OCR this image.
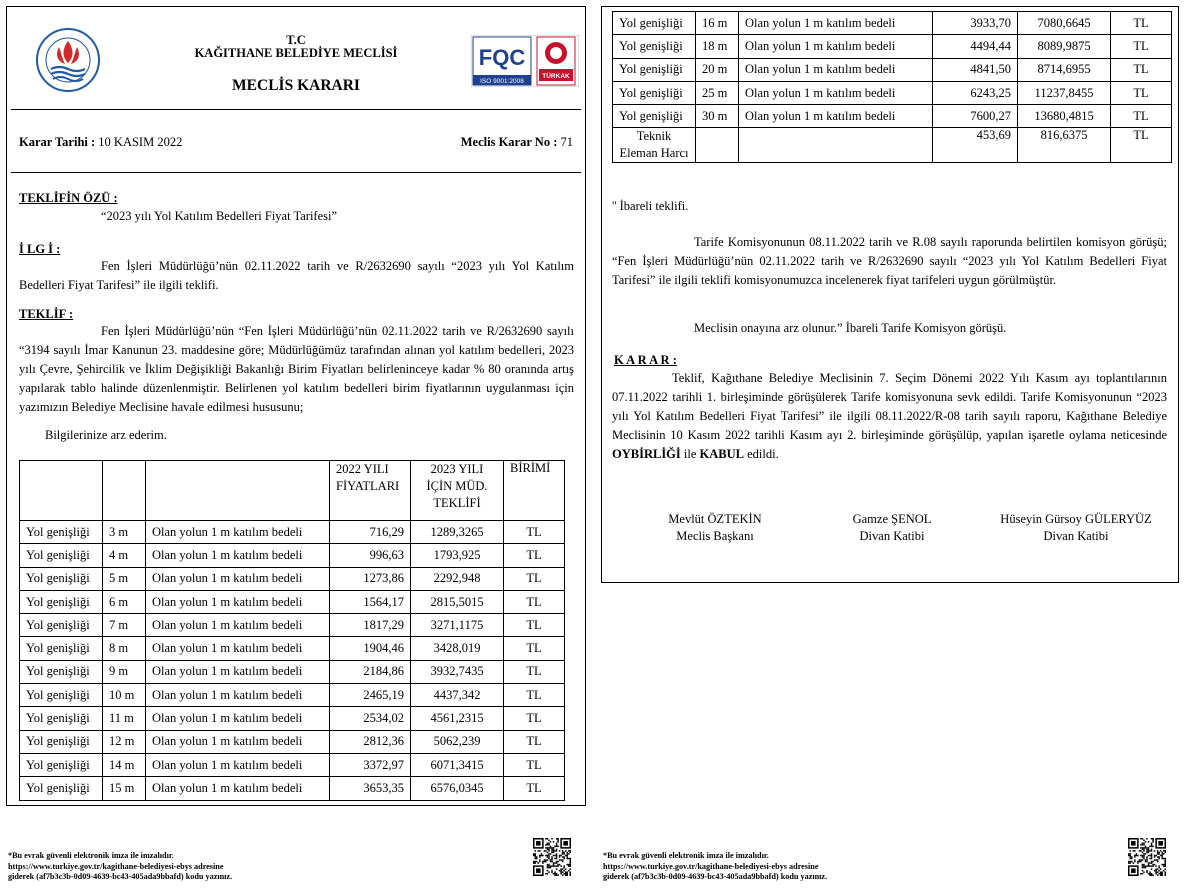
T.C
KAĞITHANE BELEDİYE MECLİSİ
MECLİS KARARI
FQC
ISO 9001:2008
TÜRKAK
Karar Tarihi : 10 KASIM 2022	Meclis Karar No : 71
TEKLİFİN ÖZÜ :
“2023 yılı Yol Katılım Bedelleri Fiyat Tarifesi”
İ LG İ :
Fen İşleri Müdürlüğü’nün 02.11.2022 tarih ve R/2632690 sayılı “2023 yılı Yol Katılım Bedelleri Fiyat Tarifesi” ile ilgili teklifi.
TEKLİF :
Fen İşleri Müdürlüğü’nün “Fen İşleri Müdürlüğü’nün 02.11.2022 tarih ve R/2632690 sayılı “3194 sayılı İmar Kanunun 23. maddesine göre; Müdürlüğümüz tarafından alınan yol katılım bedelleri, 2023 yılı Çevre, Şehircilik ve İklim Değişikliği Bakanlığı Birim Fiyatları belirleninceye kadar % 80 oranında artış yapılarak tablo halinde düzenlenmiştir. Belirlenen yol katılım bedelleri birim fiyatlarının uygulanması için yazımızın Belediye Meclisine havale edilmesi hususunu;
Bilgilerinize arz ederim.
			2022 YILI FİYATLARI	2023 YILI İÇİN MÜD. TEKLİFİ	BİRİMİ
Yol genişliği	3 m	Olan yolun 1 m katılım bedeli	716,29	1289,3265	TL
Yol genişliği	4 m	Olan yolun 1 m katılım bedeli	996,63	1793,925	TL
Yol genişliği	5 m	Olan yolun 1 m katılım bedeli	1273,86	2292,948	TL
Yol genişliği	6 m	Olan yolun 1 m katılım bedeli	1564,17	2815,5015	TL
Yol genişliği	7 m	Olan yolun 1 m katılım bedeli	1817,29	3271,1175	TL
Yol genişliği	8 m	Olan yolun 1 m katılım bedeli	1904,46	3428,019	TL
Yol genişliği	9 m	Olan yolun 1 m katılım bedeli	2184,86	3932,7435	TL
Yol genişliği	10 m	Olan yolun 1 m katılım bedeli	2465,19	4437,342	TL
Yol genişliği	11 m	Olan yolun 1 m katılım bedeli	2534,02	4561,2315	TL
Yol genişliği	12 m	Olan yolun 1 m katılım bedeli	2812,36	5062,239	TL
Yol genişliği	14 m	Olan yolun 1 m katılım bedeli	3372,97	6071,3415	TL
Yol genişliği	15 m	Olan yolun 1 m katılım bedeli	3653,35	6576,0345	TL
Yol genişliği	16 m	Olan yolun 1 m katılım bedeli	3933,70	7080,6645	TL
Yol genişliği	18 m	Olan yolun 1 m katılım bedeli	4494,44	8089,9875	TL
Yol genişliği	20 m	Olan yolun 1 m katılım bedeli	4841,50	8714,6955	TL
Yol genişliği	25 m	Olan yolun 1 m katılım bedeli	6243,25	11237,8455	TL
Yol genişliği	30 m	Olan yolun 1 m katılım bedeli	7600,27	13680,4815	TL
Teknik Eleman Harcı			453,69	816,6375	TL
'' İbareli teklifi.
Tarife Komisyonunun 08.11.2022 tarih ve R.08 sayılı raporunda belirtilen komisyon görüşü; “Fen İşleri Müdürlüğü’nün 02.11.2022 tarih ve R/2632690 sayılı “2023 yılı Yol Katılım Bedelleri Fiyat Tarifesi” ile ilgili teklifi komisyonumuzca incelenerek fiyat tarifeleri uygun görülmüştür.
Meclisin onayına arz olunur.” İbareli Tarife Komisyon görüşü.
K A R A R :
Teklif, Kağıthane Belediye Meclisinin 7. Seçim Dönemi 2022 Yılı Kasım ayı toplantılarının 07.11.2022 tarihli 1. birleşiminde görüşülerek Tarife komisyonuna sevk edildi. Tarife Komisyonunun “2023 yılı Yol Katılım Bedelleri Fiyat Tarifesi” ile ilgili 08.11.2022/R-08 tarih sayılı raporu, Kağıthane Belediye Meclisinin 10 Kasım 2022 tarihli Kasım ayı 2. birleşiminde görüşülüp, yapılan işaretle oylama neticesinde OYBİRLİĞİ ile KABUL edildi.
Mevlüt ÖZTEKİN
Meclis Başkanı
Gamze ŞENOL
Divan Katibi
Hüseyin Gürsoy GÜLERYÜZ
Divan Katibi
*Bu evrak güvenli elektronik imza ile imzalıdır.
https://www.turkiye.gov.tr/kagithane-belediyesi-ebys adresine
giderek (af7b3c3b-0d09-4639-bc43-405ada9bbafd) kodu yazınız.
*Bu evrak güvenli elektronik imza ile imzalıdır.
https://www.turkiye.gov.tr/kagithane-belediyesi-ebys adresine
giderek (af7b3c3b-0d09-4639-bc43-405ada9bbafd) kodu yazınız.
